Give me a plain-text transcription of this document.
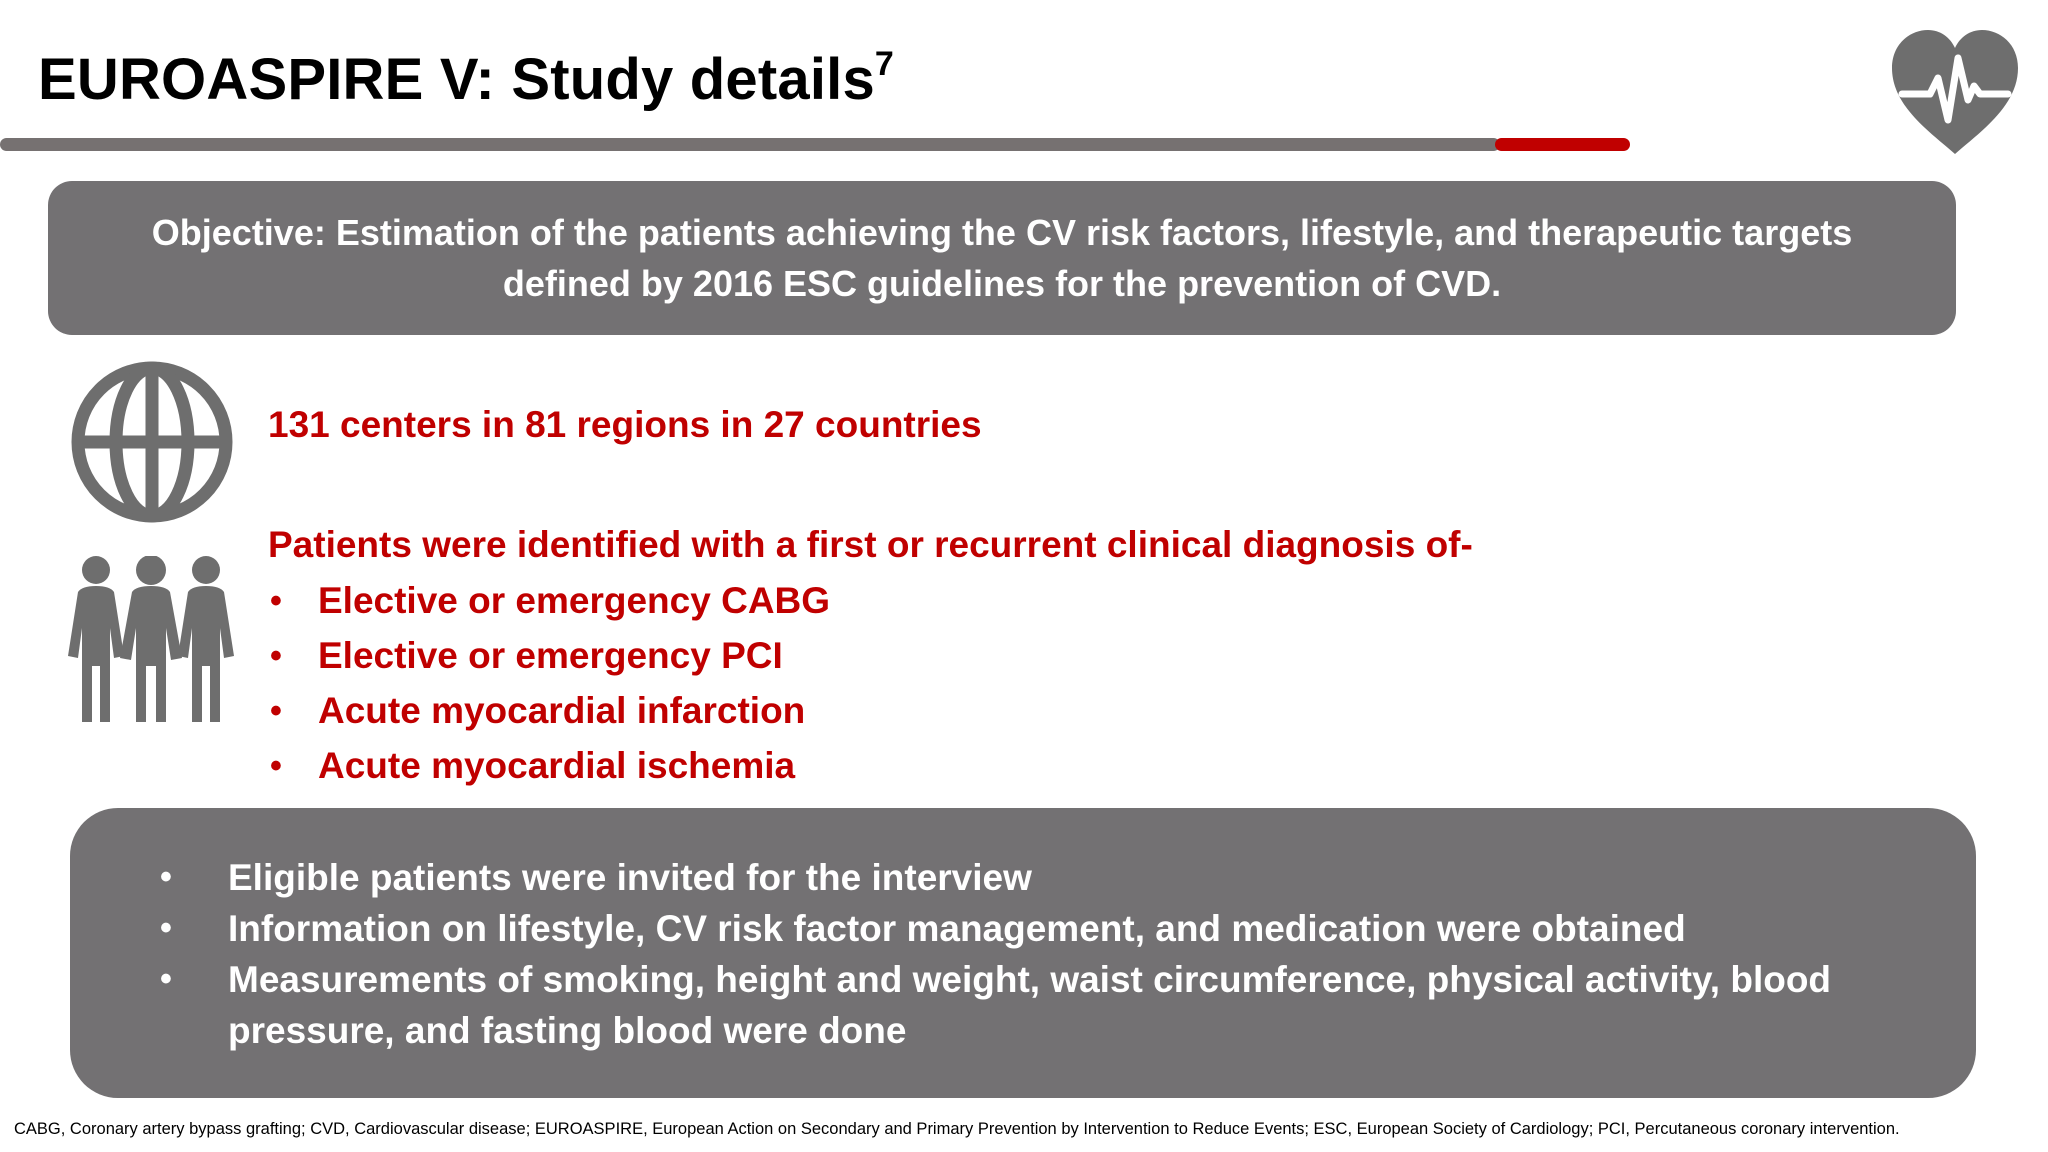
EUROASPIRE V: Study details$^7$
Objective: Estimation of the patients achieving the CV risk factors, lifestyle, and therapeutic targets defined by 2016 ESC guidelines for the prevention of CVD.

131 centers in 81 regions in 27 countries

Patients were identified with a first or recurrent clinical diagnosis of-

• Elective or emergency CABG
• Elective or emergency PCI
• Acute myocardial infarction
• Acute myocardial ischemia
• Eligible patients were invited for the interview
• Information on lifestyle, CV risk factor management, and medication were obtained
• Measurements of smoking, height and weight, waist circumference, physical activity, blood pressure, and fasting blood were done

CABG, Coronary artery bypass grafting; CVD, Cardiovascular disease; EUROASPIRE, European Action on Secondary and Primary Prevention by Intervention to Reduce Events; ESC, European Society of Cardiology; PCI, Percutaneous coronary intervention.
